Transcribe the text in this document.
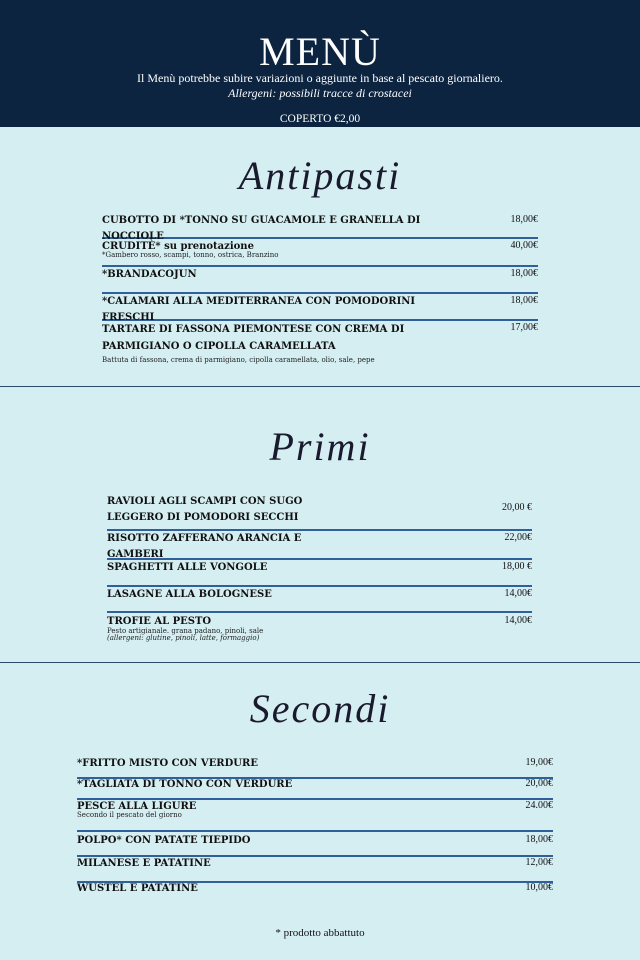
MENÙ
Il Menù potrebbe subire variazioni o aggiunte in base al pescato giornaliero.
Allergeni: possibili tracce di crostacei
COPERTO €2,00
Antipasti
CUBOTTO DI *TONNO SU GUACAMOLE E GRANELLA DI NOCCIOLE
18,00€
CRUDITÈ* su prenotazione	40,00€
*Gambero rosso, scampi, tonno, ostrica, Branzino
*BRANDACOJUN	18,00€
*CALAMARI ALLA MEDITERRANEA CON POMODORINI FRESCHI
18,00€
TARTARE DI FASSONA PIEMONTESE CON CREMA DI PARMIGIANO O CIPOLLA CARAMELLATA
17,00€
Battuta di fassona, crema di parmigiano, cipolla caramellata, olio, sale, pepe
Primi
RAVIOLI AGLI SCAMPI CON SUGO LEGGERO DI POMODORI SECCHI
20,00 €
RISOTTO ZAFFERANO ARANCIA E GAMBERI
22,00€
SPAGHETTI ALLE VONGOLE	18,00 €
LASAGNE ALLA BOLOGNESE	14,00€
TROFIE AL PESTO	14,00€
Pesto artigianale. grana padano, pinoli, sale
(allergeni: glutine, pinoli, latte, formaggio)
Secondi
*FRITTO MISTO CON VERDURE	19,00€
*TAGLIATA DI TONNO CON VERDURE	20,00€
PESCE ALLA LIGURE	24.00€
Secondo il pescato del giorno
POLPO* CON PATATE TIEPIDO	18,00€
MILANESE E PATATINE	12,00€
WUSTEL E PATATINE	10,00€
* prodotto abbattuto
